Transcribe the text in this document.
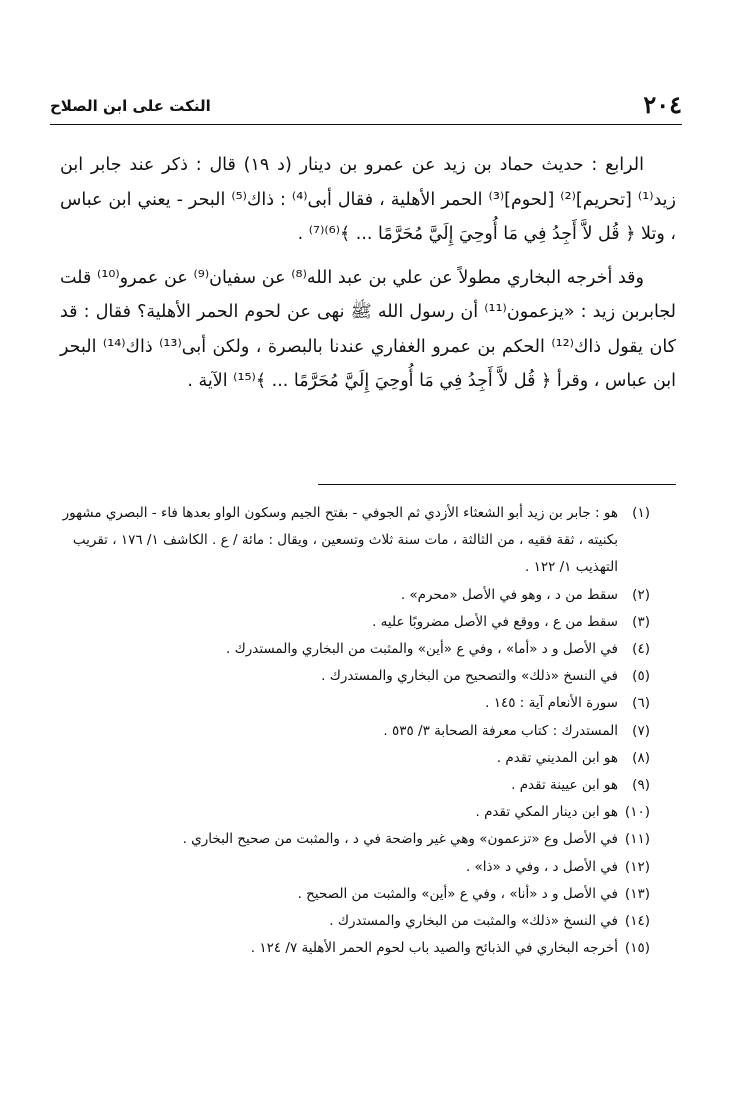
٢٠٤
النكت على ابن الصلاح

الرابع : حديث حماد بن زيد عن عمرو بن دينار (د ١٩) قال : ذكر عند جابر ابن زيد⁽¹⁾ [تحريم]⁽²⁾ [لحوم]⁽³⁾ الحمر الأهلية ، فقال أبى⁽⁴⁾ : ذاك⁽⁵⁾ البحر - يعني ابن عباس ، وتلا ﴿ قُل لاَّ أَجِدُ فِي مَا أُوحِيَ إِلَيَّ مُحَرَّمًا ... ﴾⁽⁶⁾⁽⁷⁾ .

وقد أخرجه البخاري مطولاً عن علي بن عبد الله⁽⁸⁾ عن سفيان⁽⁹⁾ عن عمرو⁽¹⁰⁾ قلت لجابربن زيد : «يزعمون⁽¹¹⁾ أن رسول الله ﷺ نهى عن لحوم الحمر الأهلية؟ فقال : قد كان يقول ذاك⁽¹²⁾ الحكم بن عمرو الغفاري عندنا بالبصرة ، ولكن أبى⁽¹³⁾ ذاك⁽¹⁴⁾ البحر ابن عباس ، وقرأ ﴿ قُل لاَّ أَجِدُ فِي مَا أُوحِيَ إِلَيَّ مُحَرَّمًا ... ﴾⁽¹⁵⁾ الآية .

(١)
هو : جابر بن زيد أبو الشعثاء الأزدي ثم الجوفي - بفتح الجيم وسكون الواو بعدها فاء - البصري مشهور بكنيته ، ثقة فقيه ، من الثالثة ، مات سنة ثلاث وتسعين ، ويقال : مائة / ع . الكاشف ١/ ١٧٦ ، تقريب التهذيب ١/ ١٢٢ .
(٢)
سقط من د ، وهو في الأصل «محرم» .
(٣)
سقط من ع ، ووقع في الأصل مضروبًا عليه .
(٤)
في الأصل و د «أما» ، وفي ع «أين» والمثبت من البخاري والمستدرك .
(٥)
في النسخ «ذلك» والتصحيح من البخاري والمستدرك .
(٦)
سورة الأنعام آية : ١٤٥ .
(٧)
المستدرك : كتاب معرفة الصحابة ٣/ ٥٣٥ .
(٨)
هو ابن المديني تقدم .
(٩)
هو ابن عيينة تقدم .
(١٠)
هو ابن دينار المكي تقدم .
(١١)
في الأصل وع «تزعمون» وهي غير واضحة في د ، والمثبت من صحيح البخاري .
(١٢)
في الأصل د ، وفي د «ذا» .
(١٣)
في الأصل و د «أنا» ، وفي ع «أين» والمثبت من الصحيح .
(١٤)
في النسخ «ذلك» والمثبت من البخاري والمستدرك .
(١٥)
أخرجه البخاري في الذبائح والصيد باب لحوم الحمر الأهلية ٧/ ١٢٤ .
